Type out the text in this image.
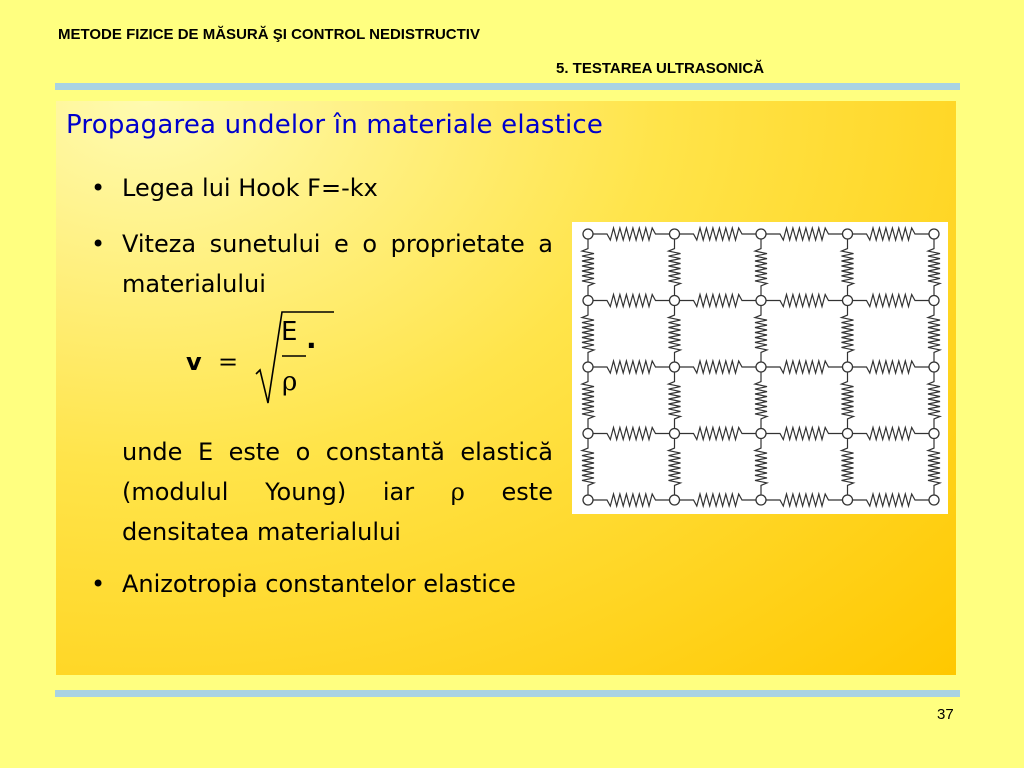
METODE FIZICE DE MĂSURĂ ŞI CONTROL NEDISTRUCTIV
5. TESTAREA ULTRASONICĂ
Propagarea undelor în materiale elastice

• Legea lui Hook F=-kx

• Viteza sunetului e o proprietate a materialului

v =
.
E
ρ

unde E este o constantă elastică (modulul Young) iar ρ este densitatea materialului

• Anizotropia constantelor elastice

37
